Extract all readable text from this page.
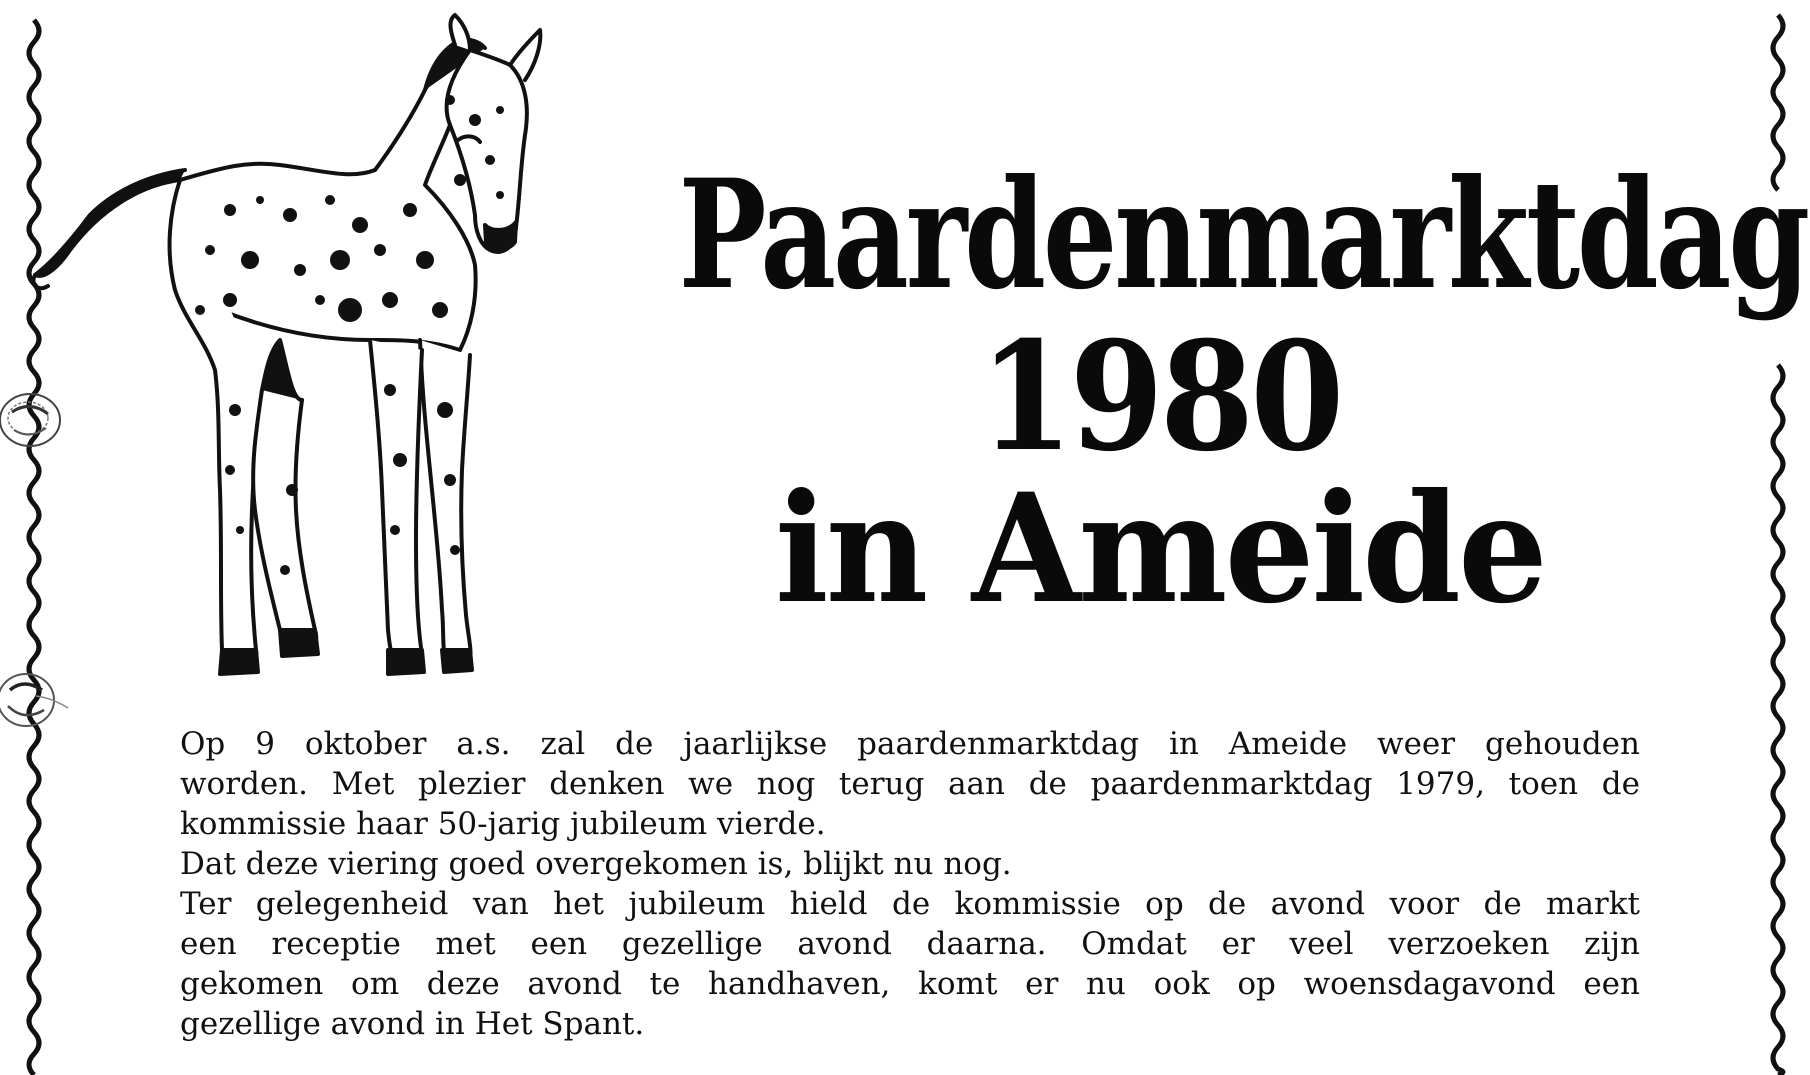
Paardenmarktdag
1980
in Ameide

Op 9 oktober a.s. zal de jaarlijkse paardenmarktdag in Ameide weer gehouden

worden. Met plezier denken we nog terug aan de paardenmarktdag 1979, toen de

kommissie haar 50-jarig jubileum vierde.

Dat deze viering goed overgekomen is, blijkt nu nog.

Ter gelegenheid van het jubileum hield de kommissie op de avond voor de markt

een receptie met een gezellige avond daarna. Omdat er veel verzoeken zijn

gekomen om deze avond te handhaven, komt er nu ook op woensdagavond een

gezellige avond in Het Spant.
